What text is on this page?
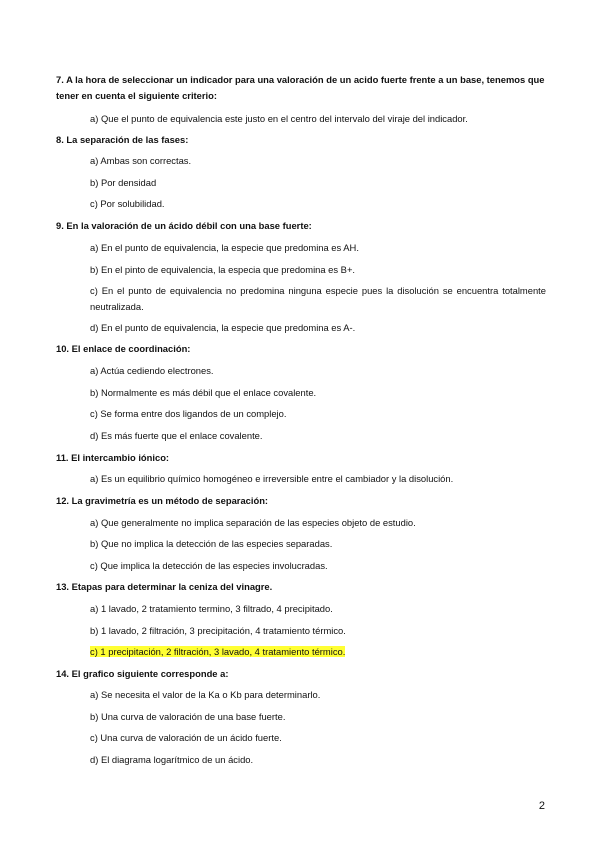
7. A la hora de seleccionar un indicador para una valoración de un acido fuerte frente a un base, tenemos que tener en cuenta el siguiente criterio:
a) Que el punto de equivalencia este justo en el centro del intervalo del viraje del indicador.
8. La separación de las fases:
a) Ambas son correctas.
b) Por densidad
c) Por solubilidad.
9. En la valoración de un ácido débil con una base fuerte:
a) En el punto de equivalencia, la especie que predomina es AH.
b) En el pinto de equivalencia, la especia que predomina es B+.
c) En el punto de equivalencia no predomina ninguna especie pues la disolución se encuentra totalmente neutralizada.
d) En el punto de equivalencia, la especie que predomina es A-.
10. El enlace de coordinación:
a) Actúa cediendo electrones.
b) Normalmente es más débil que el enlace covalente.
c) Se forma entre dos ligandos de un complejo.
d) Es más fuerte que el enlace covalente.
11. El intercambio iónico:
a) Es un equilibrio químico homogéneo e irreversible entre el cambiador y la disolución.
12. La gravimetría es un método de separación:
a) Que generalmente no implica separación de las especies objeto de estudio.
b) Que no implica la detección de las especies separadas.
c) Que implica la detección de las especies involucradas.
13. Etapas para determinar la ceniza del vinagre.
a) 1 lavado, 2 tratamiento termino, 3 filtrado, 4 precipitado.
b) 1 lavado, 2 filtración, 3 precipitación, 4 tratamiento térmico.
c) 1 precipitación, 2 filtración, 3 lavado, 4 tratamiento térmico.
14. El grafico siguiente corresponde a:
a) Se necesita el valor de la Ka o Kb para determinarlo.
b) Una curva de valoración de una base fuerte.
c) Una curva de valoración de un ácido fuerte.
d) El diagrama logarítmico de un ácido.
2
